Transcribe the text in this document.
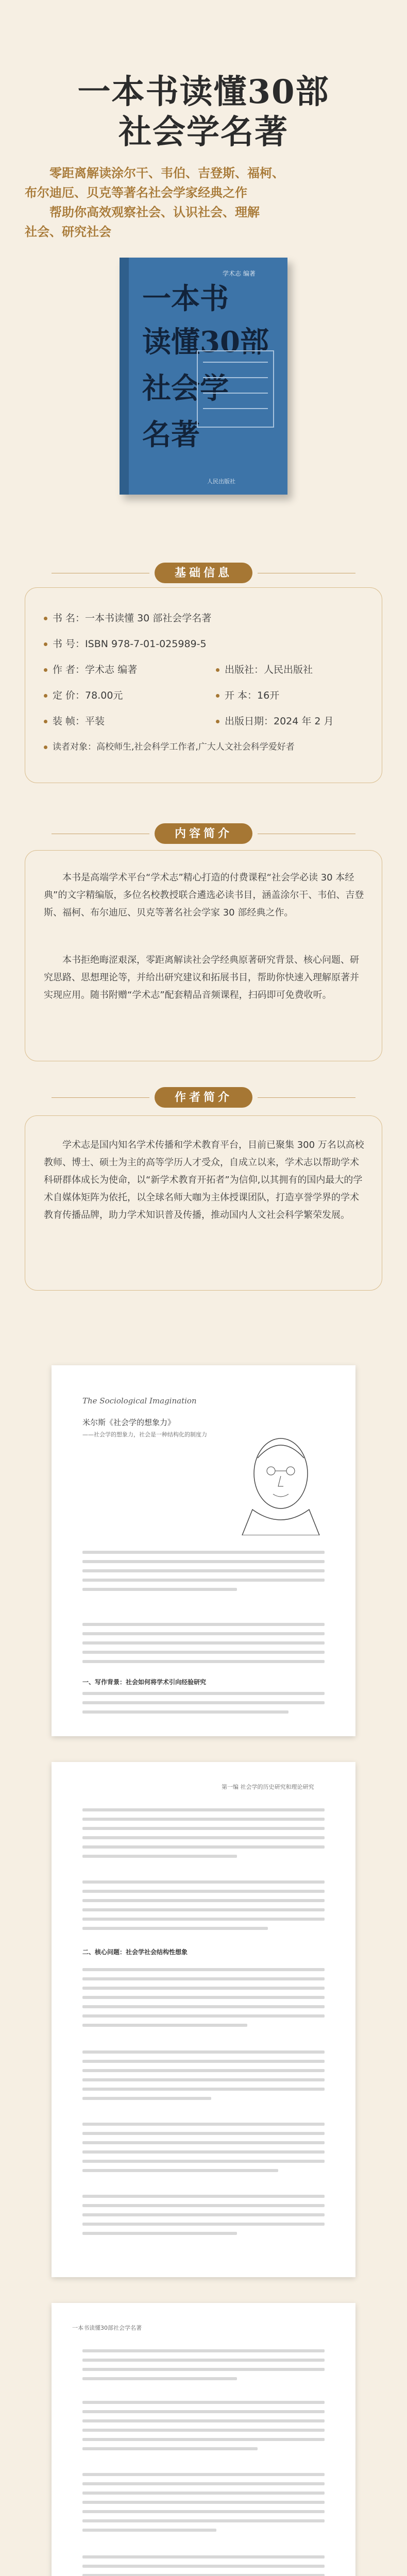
一本书读懂30部
社会学名著
零距离解读涂尔干、韦伯、吉登斯、福柯、
布尔迪厄、贝克等著名社会学家经典之作
帮助你高效观察社会、认识社会、理解
社会、研究社会
学术志 编著
一本书
读懂30部
社会学
名著
人民出版社
基础信息
书 名：一本书读懂 30 部社会学名著
书 号：ISBN 978-7-01-025989-5
作 者：学术志 编著	出版社：人民出版社
定 价：78.00元	开 本：16开
装 帧：平装	出版日期：2024 年 2 月
读者对象：高校师生,社会科学工作者,广大人文社会科学爱好者
内容简介

本书是高端学术平台“学术志”精心打造的付费课程“社会学必读 30 本经典”的文字精编版，多位名校教授联合遴选必读书目，涵盖涂尔干、韦伯、吉登斯、福柯、布尔迪厄、贝克等著名社会学家 30 部经典之作。

本书拒绝晦涩艰深，零距离解读社会学经典原著研究背景、核心问题、研究思路、思想理论等，并给出研究建议和拓展书目，帮助你快速入理解原著并实现应用。随书附赠“学术志”配套精品音频课程，扫码即可免费收听。

作者简介

学术志是国内知名学术传播和学术教育平台，目前已聚集 300 万名以高校教师、博士、硕士为主的高等学历人才受众，自成立以来，学术志以帮助学术科研群体成长为使命，以“新学术教育开拓者”为信仰,以其拥有的国内最大的学术自媒体矩阵为依托，以全球名师大咖为主体授课团队，打造享誉学界的学术教育传播品牌，助力学术知识普及传播，推动国内人文社会科学繁荣发展。

The Sociological Imagination
米尔斯《社会学的想象力》
——社会学的想象力，社会是一种结构化的制度力
一、写作背景：社会如何将学术引向经验研究
第一编 社会学的历史研究和理论研究
二、核心问题：社会学社会结构性想象
一本书读懂30部社会学名著
